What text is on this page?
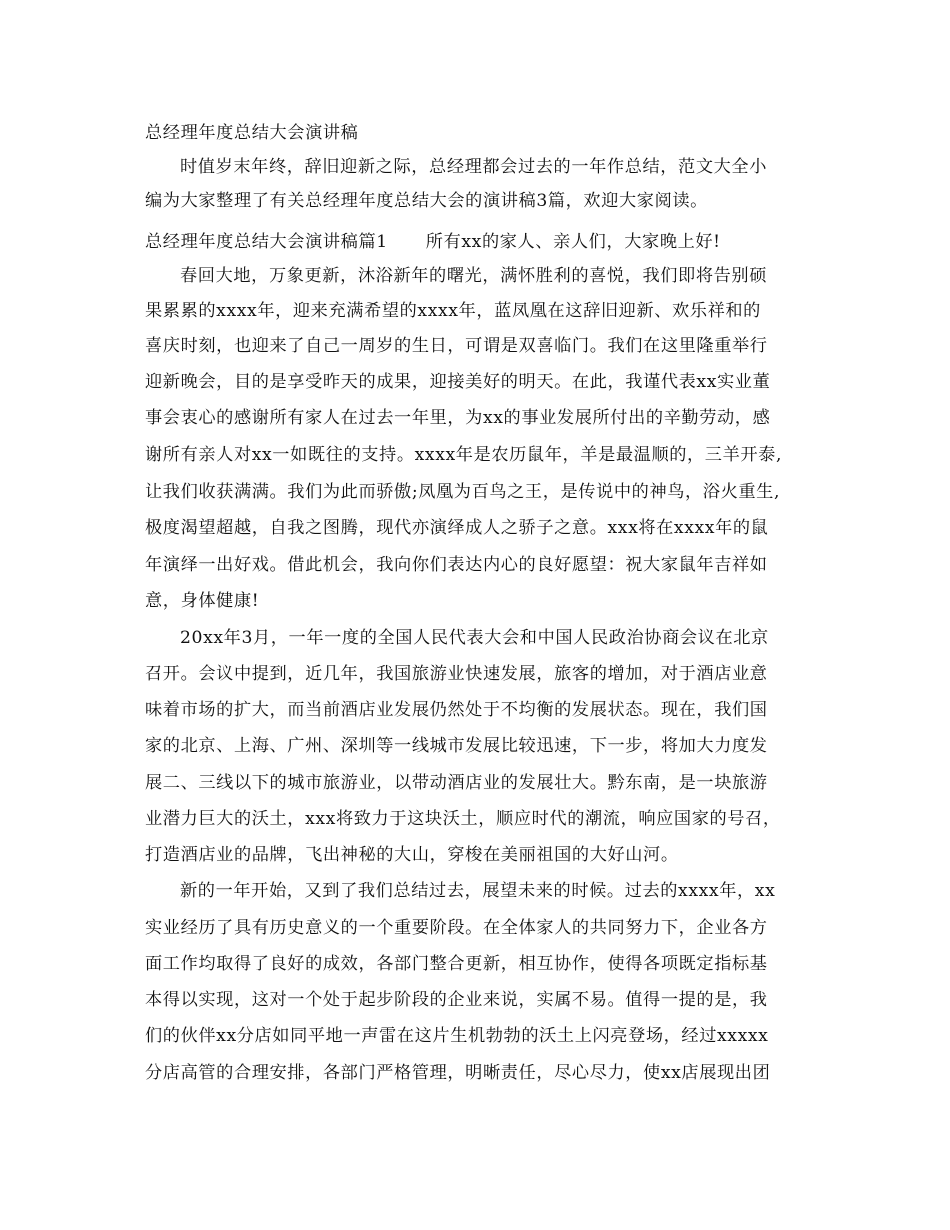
总经理年度总结大会演讲稿
时值岁末年终，辞旧迎新之际，总经理都会过去的一年作总结，范文大全小
编为大家整理了有关总经理年度总结大会的演讲稿3篇，欢迎大家阅读。
总经理年度总结大会演讲稿篇1 所有xx的家人、亲人们，大家晚上好!
春回大地，万象更新，沐浴新年的曙光，满怀胜利的喜悦，我们即将告别硕
果累累的xxxx年，迎来充满希望的xxxx年，蓝凤凰在这辞旧迎新、欢乐祥和的
喜庆时刻，也迎来了自己一周岁的生日，可谓是双喜临门。我们在这里隆重举行
迎新晚会，目的是享受昨天的成果，迎接美好的明天。在此，我谨代表xx实业董
事会衷心的感谢所有家人在过去一年里，为xx的事业发展所付出的辛勤劳动，感
谢所有亲人对xx一如既往的支持。xxxx年是农历鼠年，羊是最温顺的，三羊开泰,
让我们收获满满。我们为此而骄傲;凤凰为百鸟之王，是传说中的神鸟，浴火重生,
极度渴望超越，自我之图腾，现代亦演绎成人之骄子之意。xxx将在xxxx年的鼠
年演绎一出好戏。借此机会，我向你们表达内心的良好愿望：祝大家鼠年吉祥如
意，身体健康!
20xx年3月，一年一度的全国人民代表大会和中国人民政治协商会议在北京
召开。会议中提到，近几年，我国旅游业快速发展，旅客的增加，对于酒店业意
味着市场的扩大，而当前酒店业发展仍然处于不均衡的发展状态。现在，我们国
家的北京、上海、广州、深圳等一线城市发展比较迅速，下一步，将加大力度发
展二、三线以下的城市旅游业，以带动酒店业的发展壮大。黔东南，是一块旅游
业潜力巨大的沃土，xxx将致力于这块沃土，顺应时代的潮流，响应国家的号召，
打造酒店业的品牌，飞出神秘的大山，穿梭在美丽祖国的大好山河。
新的一年开始，又到了我们总结过去，展望未来的时候。过去的xxxx年，xx
实业经历了具有历史意义的一个重要阶段。在全体家人的共同努力下，企业各方
面工作均取得了良好的成效，各部门整合更新，相互协作，使得各项既定指标基
本得以实现，这对一个处于起步阶段的企业来说，实属不易。值得一提的是，我
们的伙伴xx分店如同平地一声雷在这片生机勃勃的沃土上闪亮登场，经过xxxxx
分店高管的合理安排，各部门严格管理，明晰责任，尽心尽力，使xx店展现出团
